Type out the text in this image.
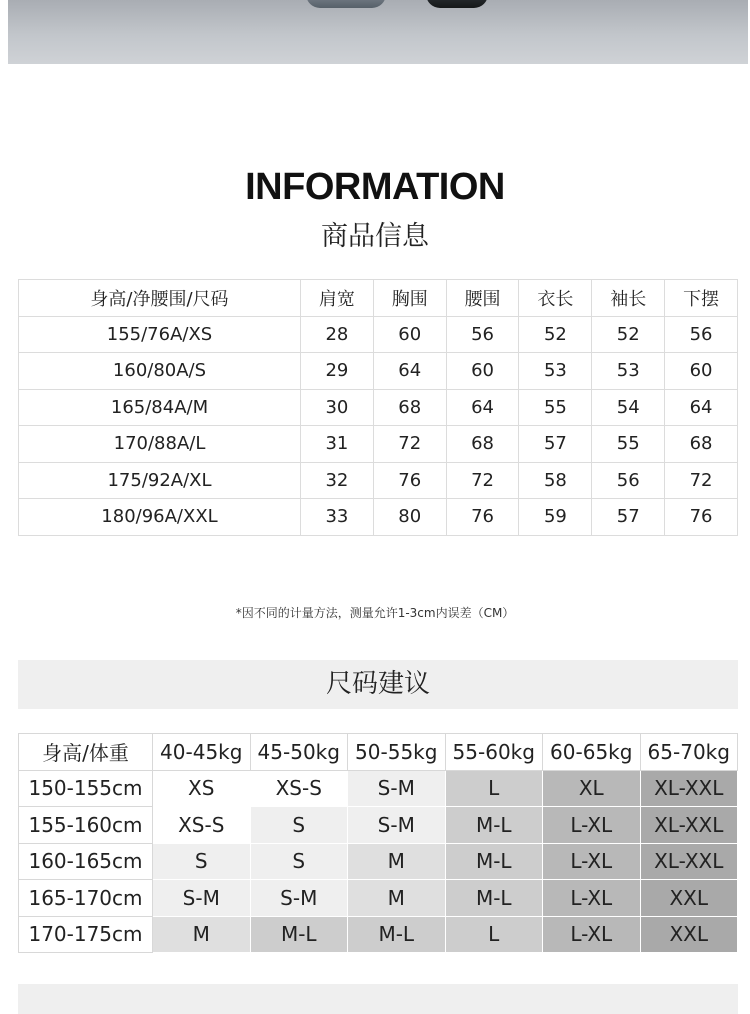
INFORMATION
商品信息
身高/净腰围/尺码	肩宽	胸围	腰围	衣长	袖长	下摆
155/76A/XS	28	60	56	52	52	56
160/80A/S	29	64	60	53	53	60
165/84A/M	30	68	64	55	54	64
170/88A/L	31	72	68	57	55	68
175/92A/XL	32	76	72	58	56	72
180/96A/XXL	33	80	76	59	57	76
*因不同的计量方法，测量允许1-3cm内误差（CM）
尺码建议
身高/体重	40-45kg	45-50kg	50-55kg	55-60kg	60-65kg	65-70kg
150-155cm	XS	XS-S	S-M	L	XL	XL-XXL
155-160cm	XS-S	S	S-M	M-L	L-XL	XL-XXL
160-165cm	S	S	M	M-L	L-XL	XL-XXL
165-170cm	S-M	S-M	M	M-L	L-XL	XXL
170-175cm	M	M-L	M-L	L	L-XL	XXL
